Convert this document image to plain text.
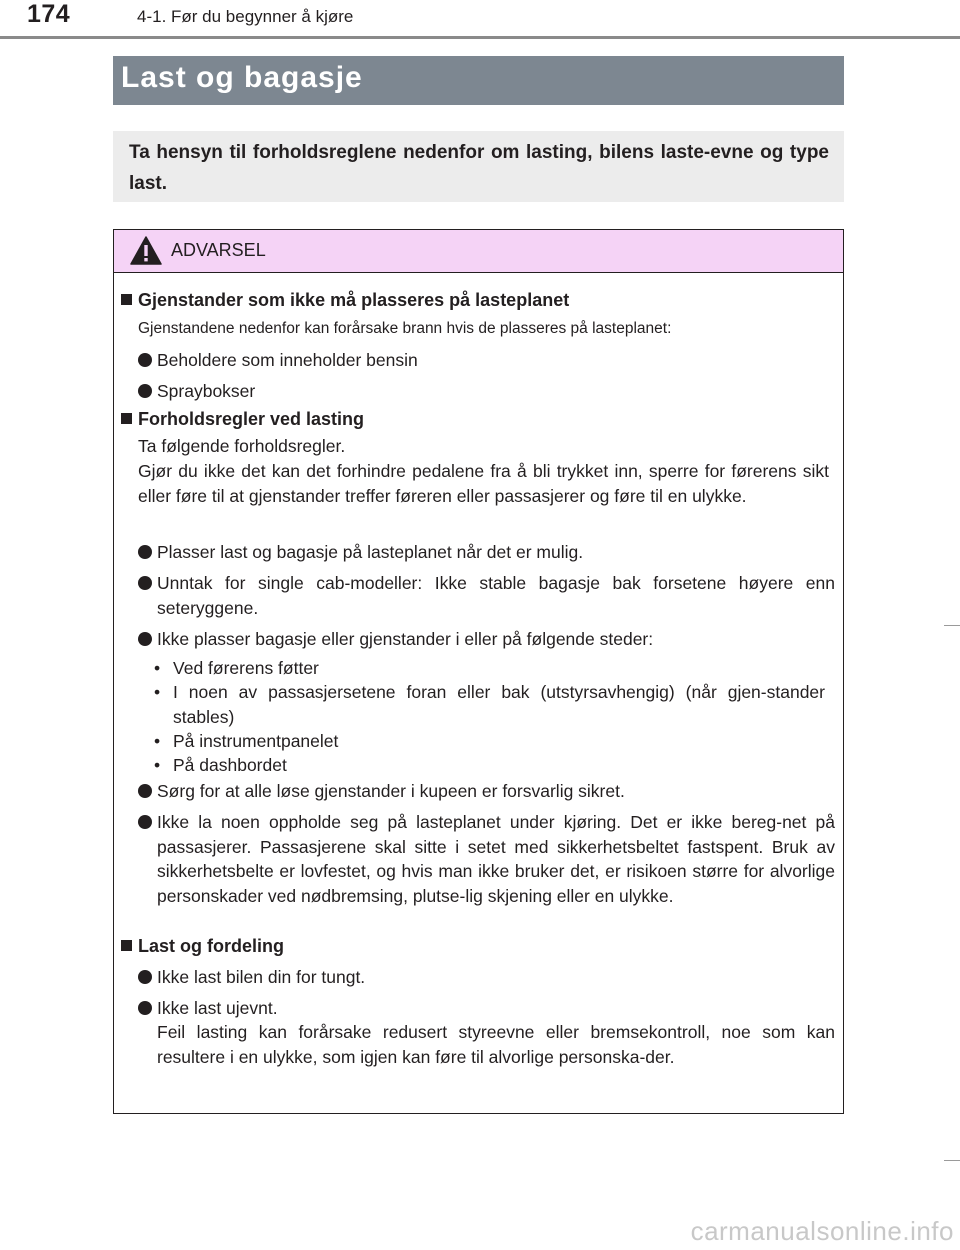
174	4-1. Før du begynner å kjøre
Last og bagasje
Ta hensyn til forholdsreglene nedenfor om lasting, bilens laste-evne og type last.
ADVARSEL
Gjenstander som ikke må plasseres på lasteplanet
Gjenstandene nedenfor kan forårsake brann hvis de plasseres på lasteplanet:
Beholdere som inneholder bensin
Spraybokser
Forholdsregler ved lasting
Ta følgende forholdsregler.
Gjør du ikke det kan det forhindre pedalene fra å bli trykket inn, sperre for førerens sikt eller føre til at gjenstander treffer føreren eller passasjerer og føre til en ulykke.
Plasser last og bagasje på lasteplanet når det er mulig.
Unntak for single cab-modeller: Ikke stable bagasje bak forsetene høyere enn seteryggene.
Ikke plasser bagasje eller gjenstander i eller på følgende steder:
• Ved førerens føtter
• I noen av passasjersetene foran eller bak (utstyrsavhengig) (når gjen-stander stables)
• På instrumentpanelet
• På dashbordet
Sørg for at alle løse gjenstander i kupeen er forsvarlig sikret.
Ikke la noen oppholde seg på lasteplanet under kjøring. Det er ikke bereg-net på passasjerer. Passasjerene skal sitte i setet med sikkerhetsbeltet fastspent. Bruk av sikkerhetsbelte er lovfestet, og hvis man ikke bruker det, er risikoen større for alvorlige personskader ved nødbremsing, plutse-lig skjening eller en ulykke.
Last og fordeling
Ikke last bilen din for tungt.
Ikke last ujevnt.
Feil lasting kan forårsake redusert styreevne eller bremsekontroll, noe som kan resultere i en ulykke, som igjen kan føre til alvorlige personska-der.
carmanualsonline.info
